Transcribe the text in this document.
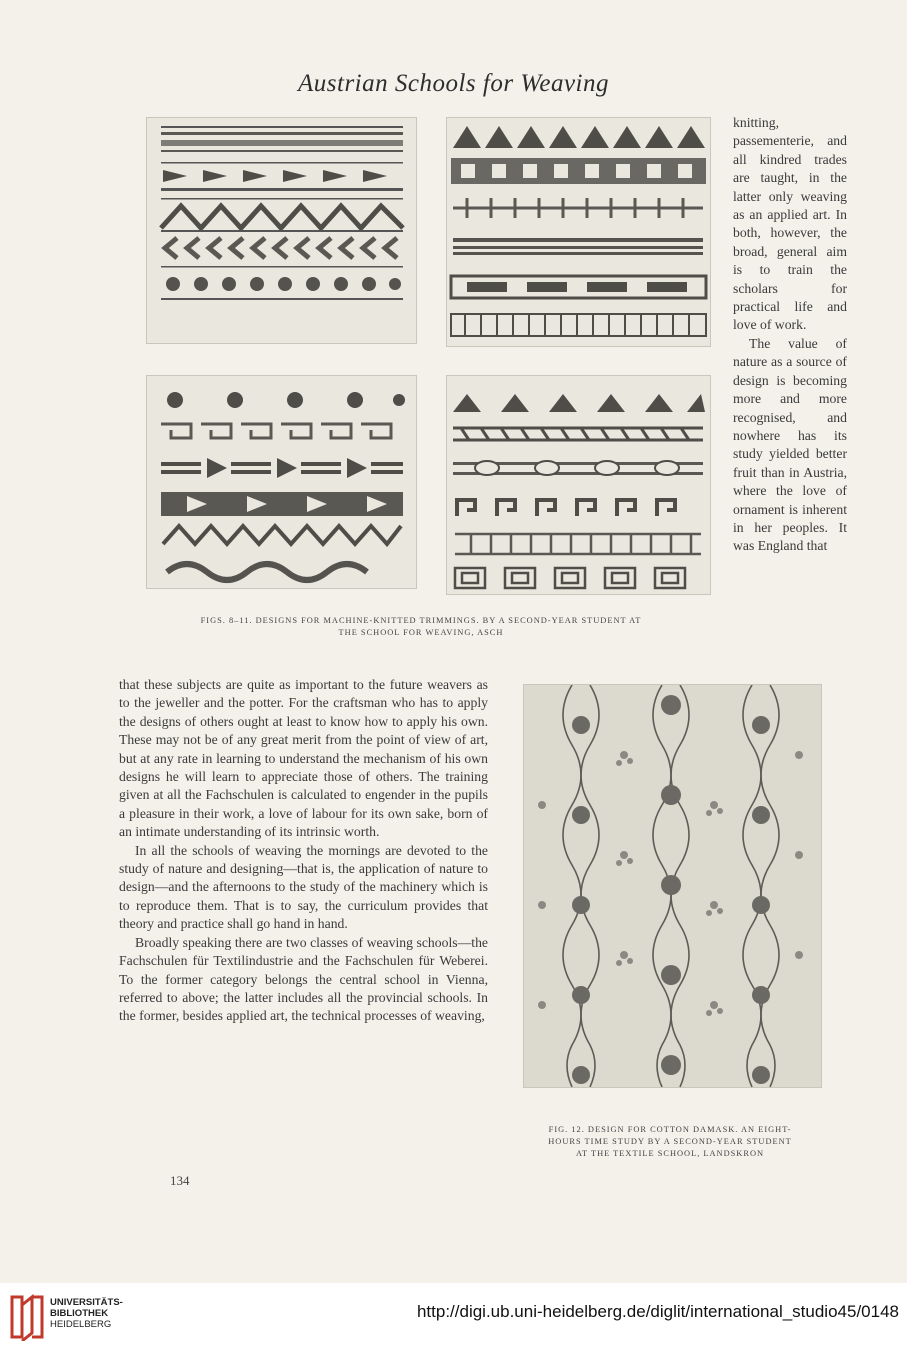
Austrian Schools for Weaving

knitting, passementerie, and all kindred trades are taught, in the latter only weaving as an applied art. In both, however, the broad, general aim is to train the scholars for practical life and love of work.

The value of nature as a source of design is becoming more and more recognised, and nowhere has its study yielded better fruit than in Austria, where the love of ornament is inherent in her peoples. It was England that

FIGS. 8–11. DESIGNS FOR MACHINE-KNITTED TRIMMINGS. BY A SECOND-YEAR STUDENT AT
THE SCHOOL FOR WEAVING, ASCH

that these subjects are quite as important to the future weavers as to the jeweller and the potter. For the craftsman who has to apply the designs of others ought at least to know how to apply his own. These may not be of any great merit from the point of view of art, but at any rate in learning to understand the mechanism of his own designs he will learn to appreciate those of others. The training given at all the Fachschulen is calculated to engender in the pupils a pleasure in their work, a love of labour for its own sake, born of an intimate understanding of its intrinsic worth.

In all the schools of weaving the mornings are devoted to the study of nature and designing—that is, the application of nature to design—and the afternoons to the study of the machinery which is to reproduce them. That is to say, the curriculum provides that theory and practice shall go hand in hand.

Broadly speaking there are two classes of weaving schools—the Fachschulen für Textilindustrie and the Fachschulen für Weberei. To the former category belongs the central school in Vienna, referred to above; the latter includes all the provincial schools. In the former, besides applied art, the technical processes of weaving,

FIG. 12. DESIGN FOR COTTON DAMASK. AN EIGHT-
HOURS TIME STUDY BY A SECOND-YEAR STUDENT
AT THE TEXTILE SCHOOL, LANDSKRON
134
UNIVERSITÄTS-
BIBLIOTHEK
HEIDELBERG
http://digi.ub.uni-heidelberg.de/diglit/international_studio45/0148
